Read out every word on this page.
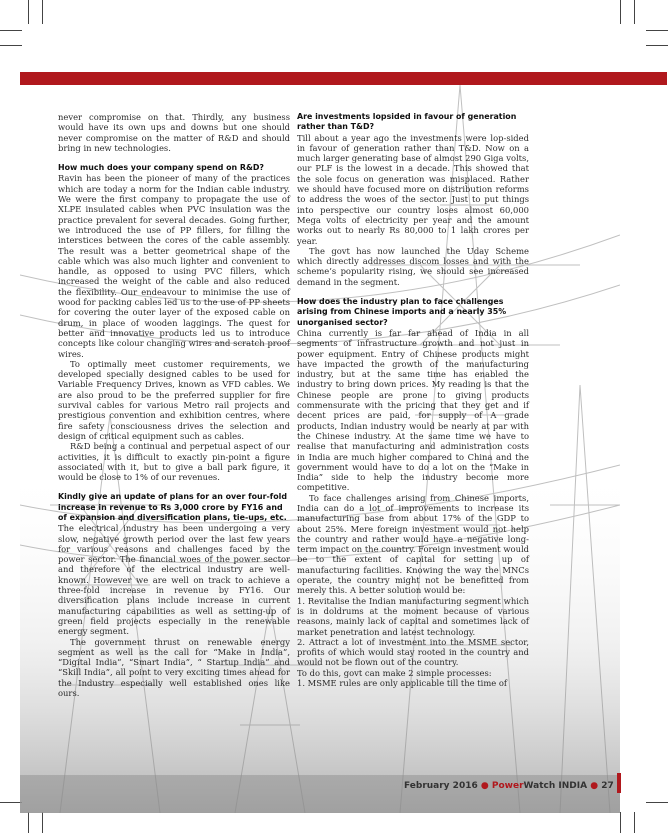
never compromise on that. Thirdly, any business would have its own ups and downs but one should never compromise on the matter of R&D and should bring in new technologies.

How much does your company spend on R&D?

Ravin has been the pioneer of many of the practices which are today a norm for the Indian cable industry. We were the first company to propagate the use of XLPE insulated cables when PVC insulation was the practice prevalent for several decades. Going further, we introduced the use of PP fillers, for filling the interstices between the cores of the cable assembly. The result was a better geometrical shape of the cable which was also much lighter and convenient to handle, as opposed to using PVC fillers, which increased the weight of the cable and also reduced the flexibility. Our endeavour to minimise the use of wood for packing cables led us to the use of PP sheets for covering the outer layer of the exposed cable on drum, in place of wooden laggings. The quest for better and innovative products led us to introduce concepts like colour changing wires and scratch proof wires.

To optimally meet customer requirements, we developed specially designed cables to be used for Variable Frequency Drives, known as VFD cables. We are also proud to be the preferred supplier for fire survival cables for various Metro rail projects and prestigious convention and exhibition centres, where fire safety consciousness drives the selection and design of critical equipment such as cables.

R&D being a continual and perpetual aspect of our activities, it is difficult to exactly pin-point a figure associated with it, but to give a ball park figure, it would be close to 1% of our revenues.

Kindly give an update of plans for an over four-fold increase in revenue to Rs 3,000 crore by FY16 and of expansion and diversification plans, tie-ups, etc.

The electrical industry has been undergoing a very slow, negative growth period over the last few years for various reasons and challenges faced by the power sector. The financial woes of the power sector and therefore of the electrical industry are well-known. However we are well on track to achieve a three-fold increase in revenue by FY16. Our diversification plans include increase in current manufacturing capabilities as well as setting-up of green field projects especially in the renewable energy segment.

The government thrust on renewable energy segment as well as the call for “Make in India”, “Digital India”, “Smart India”, “ Startup India” and “Skill India”, all point to very exciting times ahead for the Industry especially well established ones like ours.

Are investments lopsided in favour of generation rather than T&D?

Till about a year ago the investments were lop-sided in favour of generation rather than T&D. Now on a much larger generating base of almost 290 Giga volts, our PLF is the lowest in a decade. This showed that the sole focus on generation was misplaced. Rather we should have focused more on distribution reforms to address the woes of the sector. Just to put things into perspective our country loses almost 60,000 Mega volts of electricity per year and the amount works out to nearly Rs 80,000 to 1 lakh crores per year.

The govt has now launched the Uday Scheme which directly addresses discom losses and with the scheme’s popularity rising, we should see increased demand in the segment.

How does the industry plan to face challenges arising from Chinese imports and a nearly 35% unorganised sector?

China currently is far far ahead of India in all segments of infrastructure growth and not just in power equipment. Entry of Chinese products might have impacted the growth of the manufacturing industry, but at the same time has enabled the industry to bring down prices. My reading is that the Chinese people are prone to giving products commensurate with the pricing that they get and if decent prices are paid, for supply of A grade products, Indian industry would be nearly at par with the Chinese industry. At the same time we have to realise that manufacturing and administration costs in India are much higher compared to China and the government would have to do a lot on the “Make in India” side to help the industry become more competitive.

To face challenges arising from Chinese imports, India can do a lot of improvements to increase its manufacturing base from about 17% of the GDP to about 25%. Mere foreign investment would not help the country and rather would have a negative long-term impact on the country. Foreign investment would be to the extent of capital for setting up of manufacturing facilities. Knowing the way the MNCs operate, the country might not be benefitted from merely this. A better solution would be:

1. Revitalise the Indian manufacturing segment which is in doldrums at the moment because of various reasons, mainly lack of capital and sometimes lack of market penetration and latest technology.

2. Attract a lot of investment into the MSME sector, profits of which would stay rooted in the country and would not be flown out of the country.

To do this, govt can make 2 simple processes:

1. MSME rules are only applicable till the time of

February 2016 ● PowerWatch INDIA ● 27
